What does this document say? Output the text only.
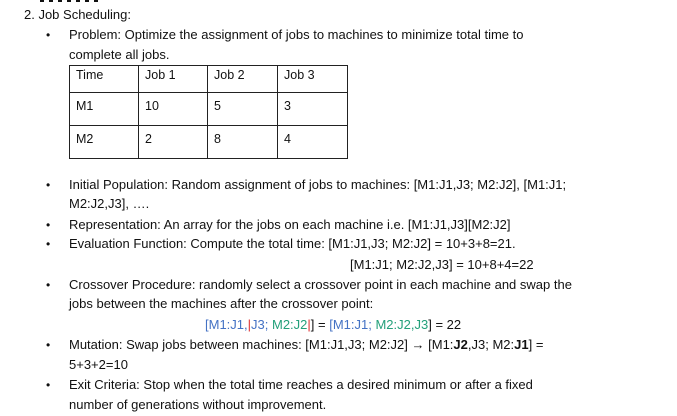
2. Job Scheduling:
• Problem: Optimize the assignment of jobs to machines to minimize total time to
complete all jobs.
Time	Job 1	Job 2	Job 3
M1	10	5	3
M2	2	8	4
• Initial Population: Random assignment of jobs to machines: [M1:J1,J3; M2:J2], [M1:J1;
M2:J2,J3], ….
• Representation: An array for the jobs on each machine i.e. [M1:J1,J3][M2:J2]
• Evaluation Function: Compute the total time: [M1:J1,J3; M2:J2] = 10+3+8=21.
[M1:J1; M2:J2,J3] = 10+8+4=22
• Crossover Procedure: randomly select a crossover point in each machine and swap the
jobs between the machines after the crossover point:
[M1:J1,|J3; M2:J2|] = [M1:J1; M2:J2,J3] = 22
• Mutation: Swap jobs between machines: [M1:J1,J3; M2:J2] → [M1:J2,J3; M2:J1] =
5+3+2=10
• Exit Criteria: Stop when the total time reaches a desired minimum or after a fixed
number of generations without improvement.
